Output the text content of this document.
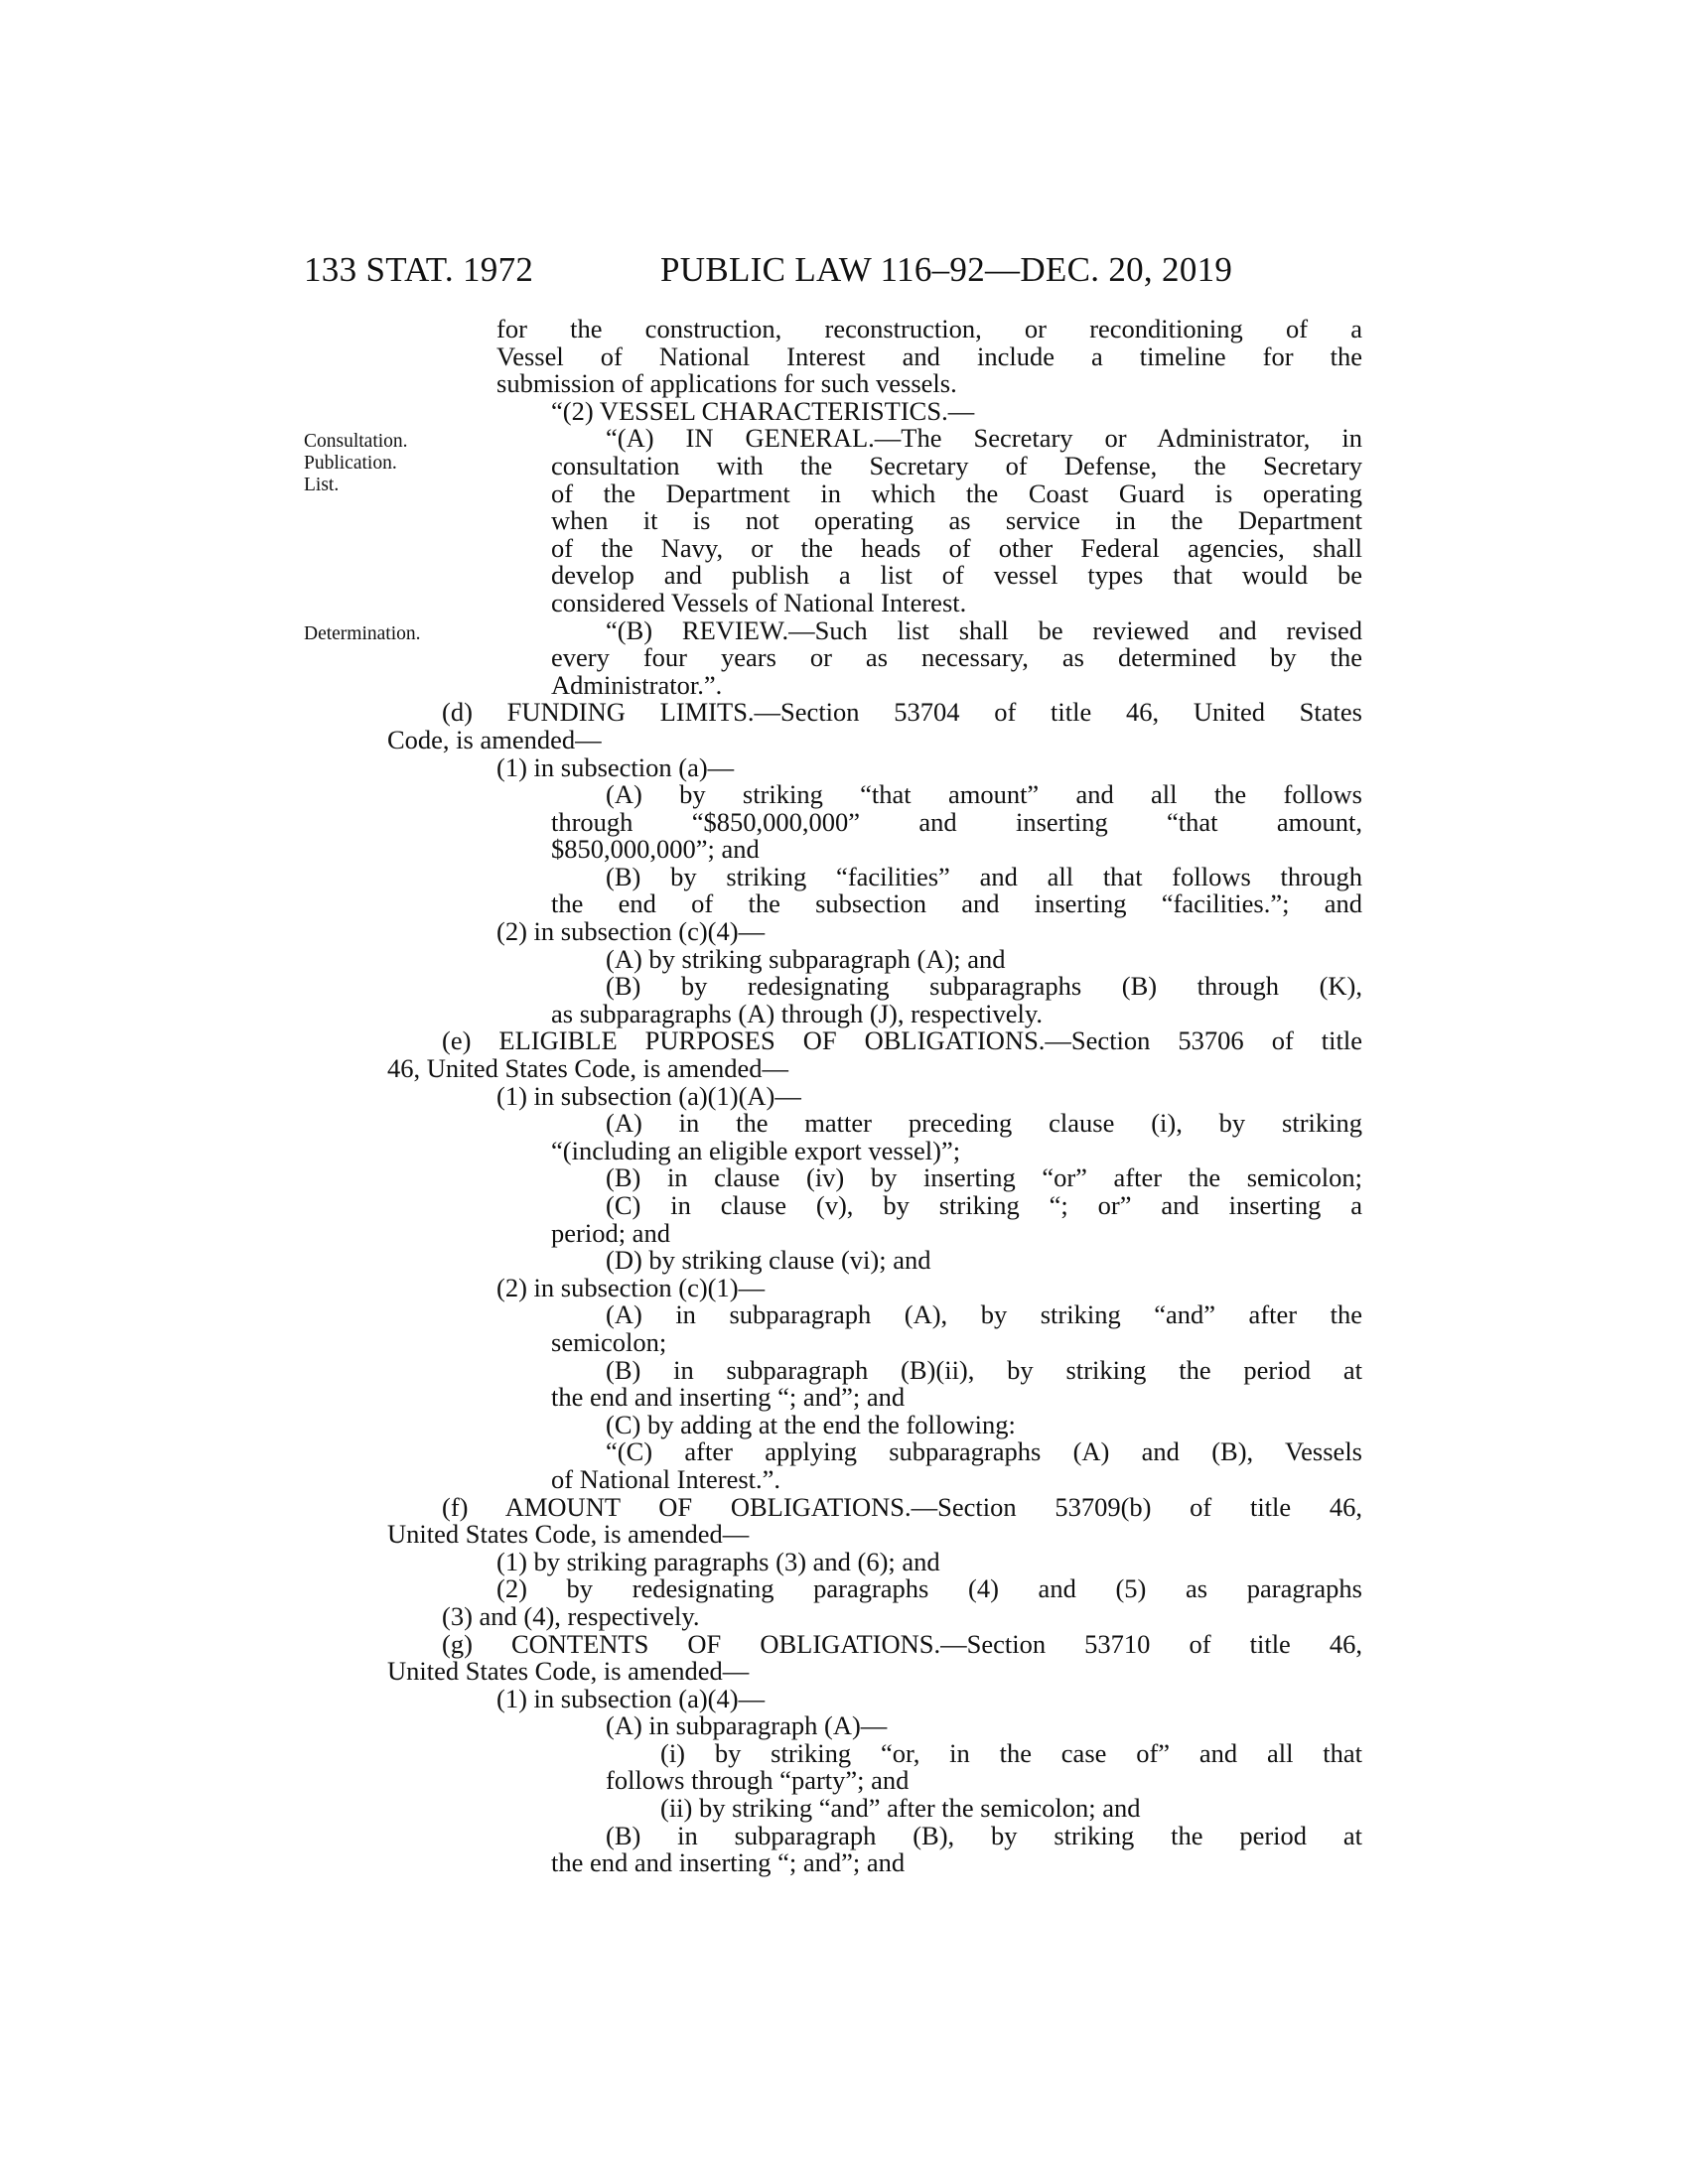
133 STAT. 1972	PUBLIC LAW 116–92—DEC. 20, 2019
Consultation.
Publication.
List.
Determination.
for the construction, reconstruction, or reconditioning of a
Vessel of National Interest and include a timeline for the
submission of applications for such vessels.
“(2) VESSEL CHARACTERISTICS.—
“(A) IN GENERAL.—The Secretary or Administrator, in
consultation with the Secretary of Defense, the Secretary
of the Department in which the Coast Guard is operating
when it is not operating as service in the Department
of the Navy, or the heads of other Federal agencies, shall
develop and publish a list of vessel types that would be
considered Vessels of National Interest.
“(B) REVIEW.—Such list shall be reviewed and revised
every four years or as necessary, as determined by the
Administrator.”.
(d) FUNDING LIMITS.—Section 53704 of title 46, United States
Code, is amended—
(1) in subsection (a)—
(A) by striking “that amount” and all the follows
through “$850,000,000” and inserting “that amount,
$850,000,000”; and
(B) by striking “facilities” and all that follows through
the end of the subsection and inserting “facilities.”; and
(2) in subsection (c)(4)—
(A) by striking subparagraph (A); and
(B) by redesignating subparagraphs (B) through (K),
as subparagraphs (A) through (J), respectively.
(e) ELIGIBLE PURPOSES OF OBLIGATIONS.—Section 53706 of title
46, United States Code, is amended—
(1) in subsection (a)(1)(A)—
(A) in the matter preceding clause (i), by striking
“(including an eligible export vessel)”;
(B) in clause (iv) by inserting “or” after the semicolon;
(C) in clause (v), by striking “; or” and inserting a
period; and
(D) by striking clause (vi); and
(2) in subsection (c)(1)—
(A) in subparagraph (A), by striking “and” after the
semicolon;
(B) in subparagraph (B)(ii), by striking the period at
the end and inserting “; and”; and
(C) by adding at the end the following:
“(C) after applying subparagraphs (A) and (B), Vessels
of National Interest.”.
(f) AMOUNT OF OBLIGATIONS.—Section 53709(b) of title 46,
United States Code, is amended—
(1) by striking paragraphs (3) and (6); and
(2) by redesignating paragraphs (4) and (5) as paragraphs
(3) and (4), respectively.
(g) CONTENTS OF OBLIGATIONS.—Section 53710 of title 46,
United States Code, is amended—
(1) in subsection (a)(4)—
(A) in subparagraph (A)—
(i) by striking “or, in the case of” and all that
follows through “party”; and
(ii) by striking “and” after the semicolon; and
(B) in subparagraph (B), by striking the period at
the end and inserting “; and”; and
